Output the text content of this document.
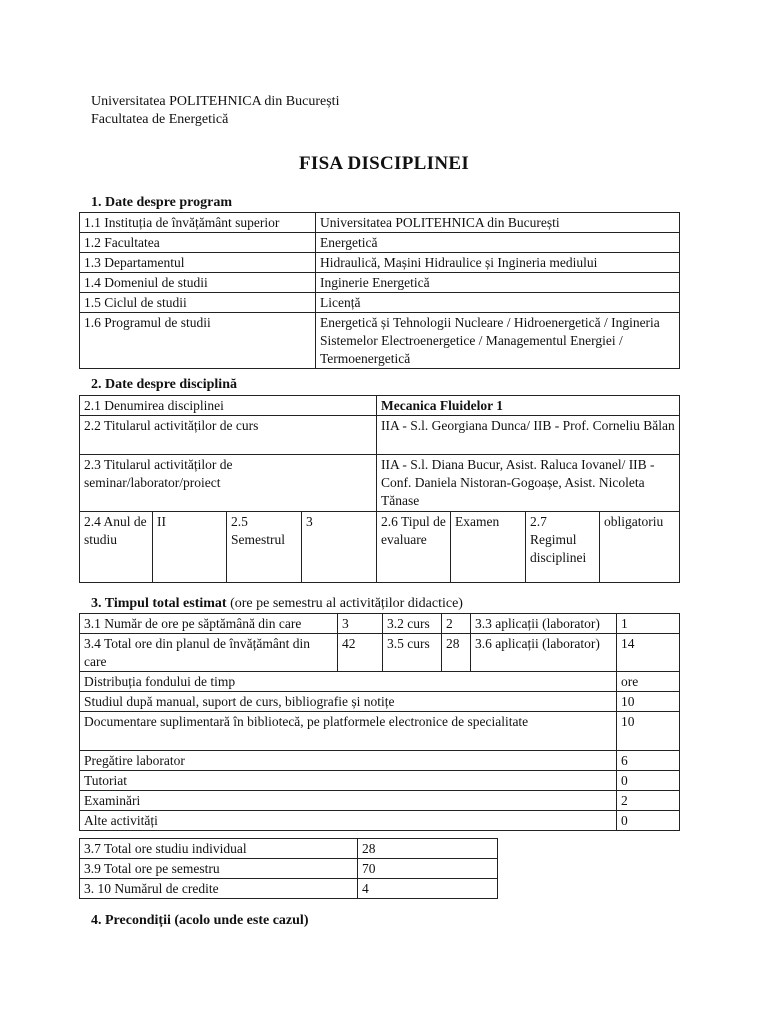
Universitatea POLITEHNICA din București
Facultatea de Energetică
FISA DISCIPLINEI
1. Date despre program
1.1 Instituția de învățământ superior	Universitatea POLITEHNICA din București
1.2 Facultatea	Energetică
1.3 Departamentul	Hidraulică, Mașini Hidraulice și Ingineria mediului
1.4 Domeniul de studii	Inginerie Energetică
1.5 Ciclul de studii	Licență
1.6 Programul de studii	Energetică și Tehnologii Nucleare / Hidroenergetică / Ingineria Sistemelor Electroenergetice / Managementul Energiei / Termoenergetică
2. Date despre disciplină
2.1 Denumirea disciplinei				Mecanica Fluidelor 1			
2.2 Titularul activităților de curs				IIA - S.l. Georgiana Dunca/ IIB - Prof. Corneliu Bălan			
2.3 Titularul activităților de seminar/laborator/proiect				IIA - S.l. Diana Bucur, Asist. Raluca Iovanel/ IIB - Conf. Daniela Nistoran-Gogoașe, Asist. Nicoleta Tănase			
2.4 Anul de studiu	II	2.5 Semestrul	3	2.6 Tipul de evaluare	Examen	2.7 Regimul disciplinei	obligatoriu
3. Timpul total estimat (ore pe semestru al activităților didactice)
3.1 Număr de ore pe săptămână din care	3	3.2 curs	2	3.3 aplicații (laborator)	1
3.4 Total ore din planul de învățământ din care	42	3.5 curs	28	3.6 aplicații (laborator)	14
Distribuția fondului de timp					ore
Studiul după manual, suport de curs, bibliografie și notițe					10
Documentare suplimentară în bibliotecă, pe platformele electronice de specialitate					10
Pregătire laborator					6
Tutoriat					0
Examinări					2
Alte activități					0
3.7 Total ore studiu individual	28
3.9 Total ore pe semestru	70
3. 10 Numărul de credite	4
4. Precondiții (acolo unde este cazul)
